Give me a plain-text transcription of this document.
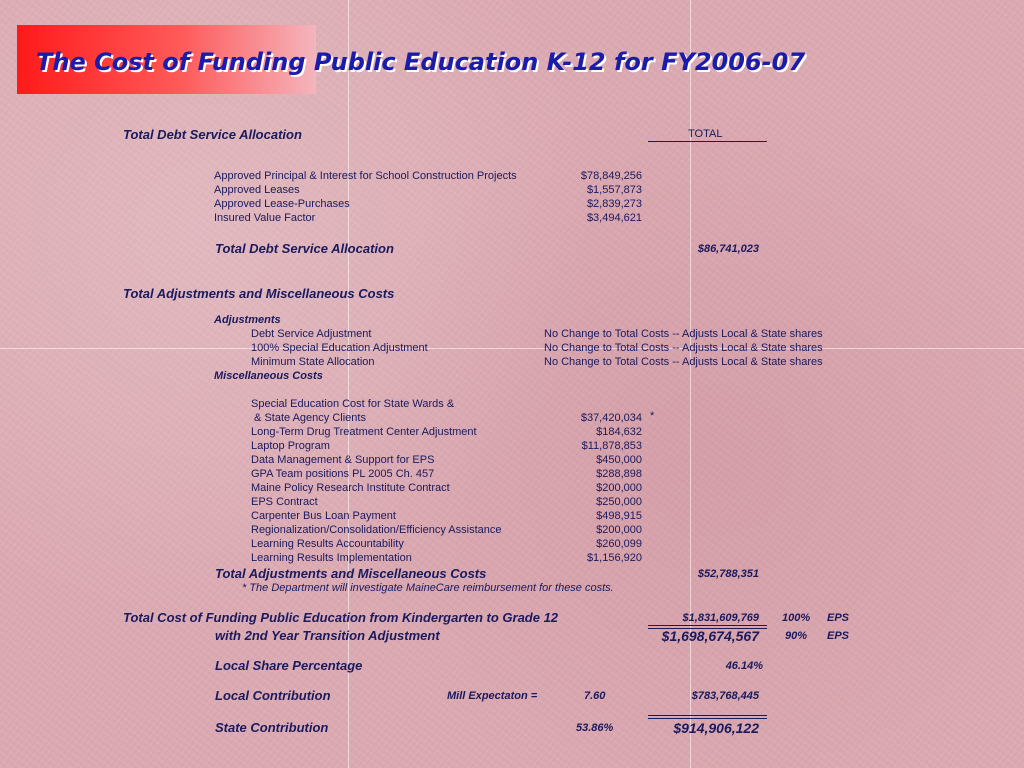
The Cost of Funding Public Education K-12 for FY2006-07
Total Debt Service Allocation	TOTAL
Approved Principal & Interest for School Construction Projects	$78,849,256
Approved Leases	$1,557,873
Approved Lease-Purchases	$2,839,273
Insured Value Factor	$3,494,621
Total Debt Service Allocation	$86,741,023
Total Adjustments and Miscellaneous Costs
Adjustments
Debt Service Adjustment	No Change to Total Costs -- Adjusts Local & State shares
100% Special Education Adjustment	No Change to Total Costs -- Adjusts Local & State shares
Minimum State Allocation	No Change to Total Costs -- Adjusts Local & State shares
Miscellaneous Costs
Special Education Cost for State Wards &
& State Agency Clients	$37,420,034 *
Long-Term Drug Treatment Center Adjustment	$184,632
Laptop Program	$11,878,853
Data Management & Support for EPS	$450,000
GPA Team positions PL 2005 Ch. 457	$288,898
Maine Policy Research Institute Contract	$200,000
EPS Contract	$250,000
Carpenter Bus Loan Payment	$498,915
Regionalization/Consolidation/Efficiency Assistance	$200,000
Learning Results Accountability	$260,099
Learning Results Implementation	$1,156,920
Total Adjustments and Miscellaneous Costs	$52,788,351
* The Department will investigate MaineCare reimbursement for these costs.
Total Cost of Funding Public Education from Kindergarten to Grade 12	$1,831,609,769 100% EPS
with 2nd Year Transition Adjustment	$1,698,674,567 90% EPS
Local Share Percentage	46.14%
Local Contribution	Mill Expectaton =	7.60	$783,768,445
State Contribution	53.86%	$914,906,122
